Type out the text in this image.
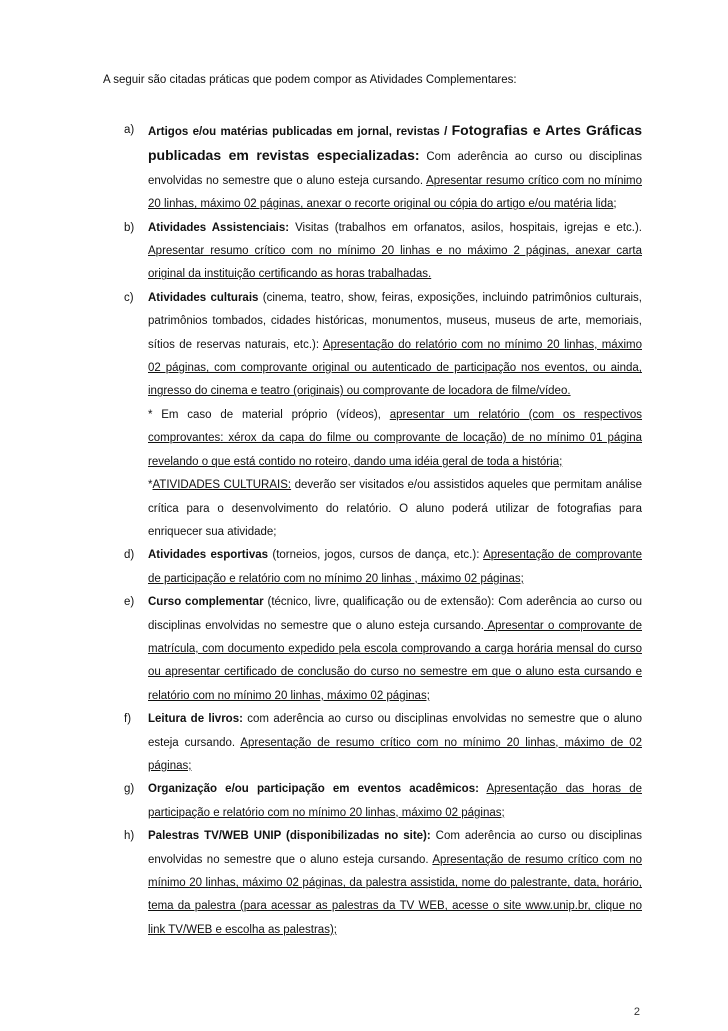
A seguir são citadas práticas que podem compor as Atividades Complementares:
a) Artigos e/ou matérias publicadas em jornal, revistas / Fotografias e Artes Gráficas publicadas em revistas especializadas: Com aderência ao curso ou disciplinas envolvidas no semestre que o aluno esteja cursando. Apresentar resumo crítico com no mínimo 20 linhas, máximo 02 páginas, anexar o recorte original ou cópia do artigo e/ou matéria lida;
b) Atividades Assistenciais: Visitas (trabalhos em orfanatos, asilos, hospitais, igrejas e etc.). Apresentar resumo crítico com no mínimo 20 linhas e no máximo 2 páginas, anexar carta original da instituição certificando as horas trabalhadas.
c) Atividades culturais (cinema, teatro, show, feiras, exposições, incluindo patrimônios culturais, patrimônios tombados, cidades históricas, monumentos, museus, museus de arte, memoriais, sítios de reservas naturais, etc.): Apresentação do relatório com no mínimo 20 linhas, máximo 02 páginas, com comprovante original ou autenticado de participação nos eventos, ou ainda, ingresso do cinema e teatro (originais) ou comprovante de locadora de filme/vídeo.
* Em caso de material próprio (vídeos), apresentar um relatório (com os respectivos comprovantes: xérox da capa do filme ou comprovante de locação) de no mínimo 01 página revelando o que está contido no roteiro, dando uma idéia geral de toda a história;
*ATIVIDADES CULTURAIS: deverão ser visitados e/ou assistidos aqueles que permitam análise crítica para o desenvolvimento do relatório. O aluno poderá utilizar de fotografias para enriquecer sua atividade;
d) Atividades esportivas (torneios, jogos, cursos de dança, etc.): Apresentação de comprovante de participação e relatório com no mínimo 20 linhas , máximo 02 páginas;
e) Curso complementar (técnico, livre, qualificação ou de extensão): Com aderência ao curso ou disciplinas envolvidas no semestre que o aluno esteja cursando. Apresentar o comprovante de matrícula, com documento expedido pela escola comprovando a carga horária mensal do curso ou apresentar certificado de conclusão do curso no semestre em que o aluno esta cursando e relatório com no mínimo 20 linhas, máximo 02 páginas;
f) Leitura de livros: com aderência ao curso ou disciplinas envolvidas no semestre que o aluno esteja cursando. Apresentação de resumo crítico com no mínimo 20 linhas, máximo de 02 páginas;
g) Organização e/ou participação em eventos acadêmicos: Apresentação das horas de participação e relatório com no mínimo 20 linhas, máximo 02 páginas;
h) Palestras TV/WEB UNIP (disponibilizadas no site): Com aderência ao curso ou disciplinas envolvidas no semestre que o aluno esteja cursando. Apresentação de resumo crítico com no mínimo 20 linhas, máximo 02 páginas, da palestra assistida, nome do palestrante, data, horário, tema da palestra (para acessar as palestras da TV WEB, acesse o site www.unip.br, clique no link TV/WEB e escolha as palestras);
2
